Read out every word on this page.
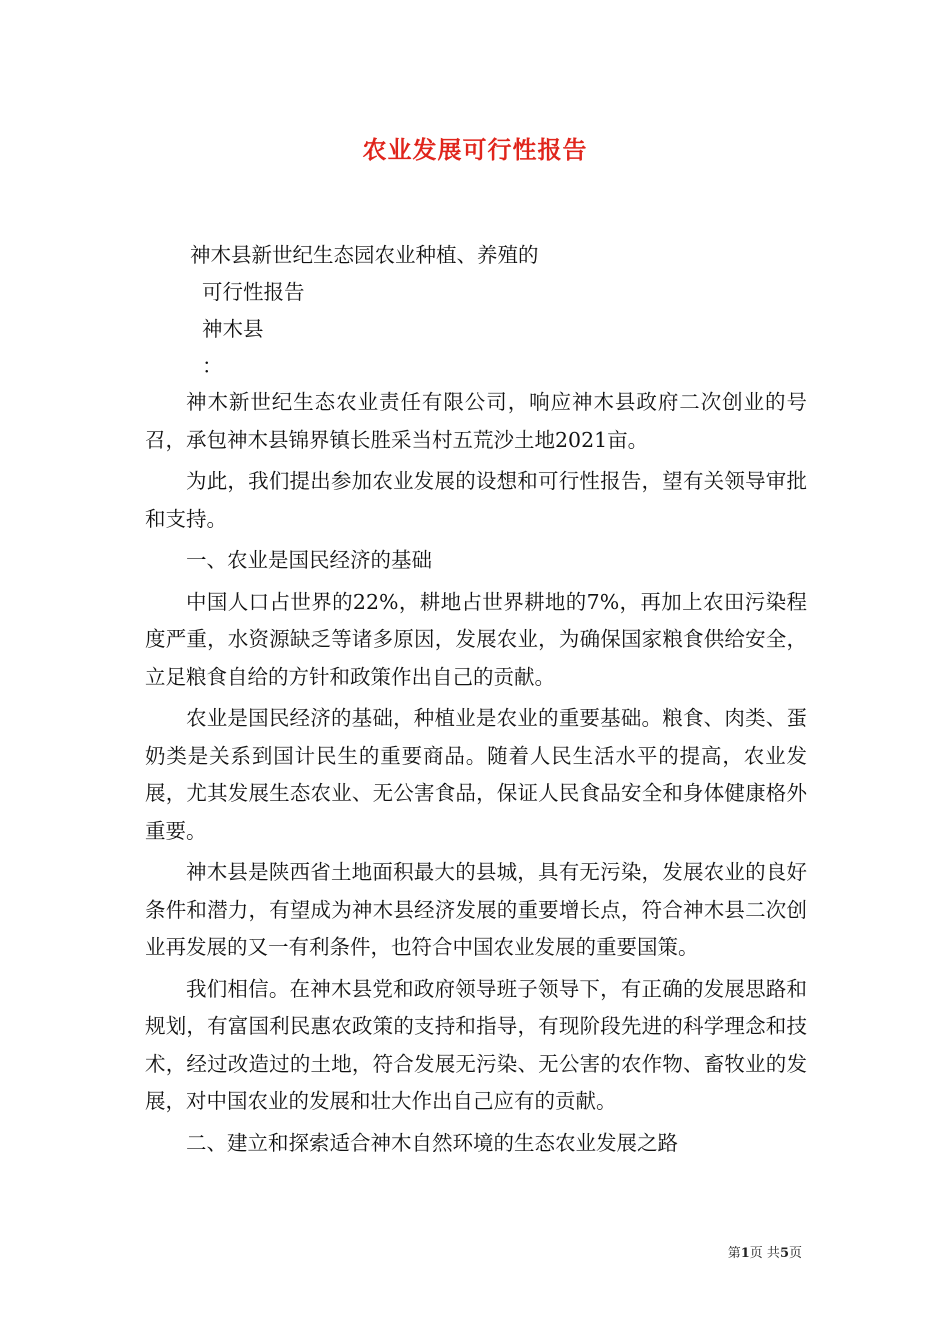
农业发展可行性报告
神木县新世纪生态园农业种植、养殖的
可行性报告
神木县
：

神木新世纪生态农业责任有限公司，响应神木县政府二次创业的号召，承包神木县锦界镇长胜采当村五荒沙土地2021亩。

为此，我们提出参加农业发展的设想和可行性报告，望有关领导审批和支持。

一、农业是国民经济的基础

中国人口占世界的22%，耕地占世界耕地的7%，再加上农田污染程度严重，水资源缺乏等诸多原因，发展农业，为确保国家粮食供给安全，立足粮食自给的方针和政策作出自己的贡献。

农业是国民经济的基础，种植业是农业的重要基础。粮食、肉类、蛋奶类是关系到国计民生的重要商品。随着人民生活水平的提高，农业发展，尤其发展生态农业、无公害食品，保证人民食品安全和身体健康格外重要。

神木县是陕西省土地面积最大的县城，具有无污染，发展农业的良好条件和潜力，有望成为神木县经济发展的重要增长点，符合神木县二次创业再发展的又一有利条件，也符合中国农业发展的重要国策。

我们相信。在神木县党和政府领导班子领导下，有正确的发展思路和规划，有富国利民惠农政策的支持和指导，有现阶段先进的科学理念和技术，经过改造过的土地，符合发展无污染、无公害的农作物、畜牧业的发展，对中国农业的发展和壮大作出自己应有的贡献。

二、建立和探索适合神木自然环境的生态农业发展之路

第1页 共5页
